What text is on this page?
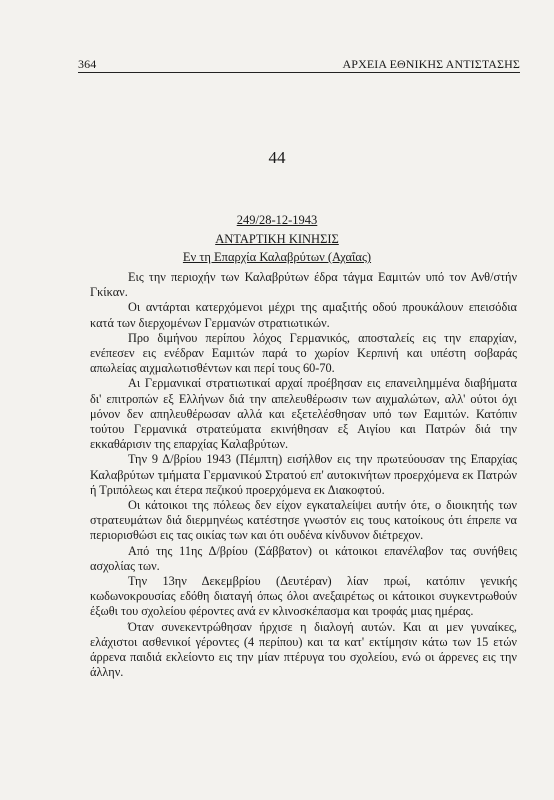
364	ΑΡΧΕΙΑ ΕΘΝΙΚΗΣ ΑΝΤΙΣΤΑΣΗΣ
44
249/28-12-1943
ΑΝΤΑΡΤΙΚΗ ΚΙΝΗΣΙΣ
Εν τη Επαρχία Καλαβρύτων (Αχαΐας)

Εις την περιοχήν των Καλαβρύτων έδρα τάγμα Εαμιτών υπό τον Ανθ/στήν Γκίκαν.

Οι αντάρται κατερχόμενοι μέχρι της αμαξιτής οδού προυκάλουν επεισόδια κατά των διερχομένων Γερμανών στρατιωτικών.

Προ διμήνου περίπου λόχος Γερμανικός, αποσταλείς εις την επαρχίαν, ενέπεσεν εις ενέδραν Εαμιτών παρά το χωρίον Κερπινή και υπέστη σοβαράς απωλείας αιχμαλωτισθέντων και περί τους 60-70.

Αι Γερμανικαί στρατιωτικαί αρχαί προέβησαν εις επανειλημμένα διαβήματα δι' επιτροπών εξ Ελλήνων διά την απελευθέρωσιν των αιχμαλώτων, αλλ' ούτοι όχι μόνον δεν απηλευθέρωσαν αλλά και εξετελέσθησαν υπό των Εαμιτών. Κατόπιν τούτου Γερμανικά στρατεύματα εκινήθησαν εξ Αιγίου και Πατρών διά την εκκαθάρισιν της επαρχίας Καλαβρύτων.

Την 9 Δ/βρίου 1943 (Πέμπτη) εισήλθον εις την πρωτεύουσαν της Επαρχίας Καλαβρύτων τμήματα Γερμανικού Στρατού επ' αυτοκινήτων προερχόμενα εκ Πατρών ή Τριπόλεως και έτερα πεζικού προερχόμενα εκ Διακοφτού.

Οι κάτοικοι της πόλεως δεν είχον εγκαταλείψει αυτήν ότε, ο διοικητής των στρατευμάτων διά διερμηνέως κατέστησε γνωστόν εις τους κατοίκους ότι έπρεπε να περιορισθώσι εις τας οικίας των και ότι ουδένα κίνδυνον διέτρεχον.

Από της 11ης Δ/βρίου (Σάββατον) οι κάτοικοι επανέλαβον τας συνήθεις ασχολίας των.

Την 13ην Δεκεμβρίου (Δευτέραν) λίαν πρωί, κατόπιν γενικής κωδωνοκρουσίας εδόθη διαταγή όπως όλοι ανεξαιρέτως οι κάτοικοι συγκεντρωθούν έξωθι του σχολείου φέροντες ανά εν κλινοσκέπασμα και τροφάς μιας ημέρας.

Όταν συνεκεντρώθησαν ήρχισε η διαλογή αυτών. Και αι μεν γυναίκες, ελάχιστοι ασθενικοί γέροντες (4 περίπου) και τα κατ' εκτίμησιν κάτω των 15 ετών άρρενα παιδιά εκλείοντο εις την μίαν πτέρυγα του σχολείου, ενώ οι άρρενες εις την άλλην.
